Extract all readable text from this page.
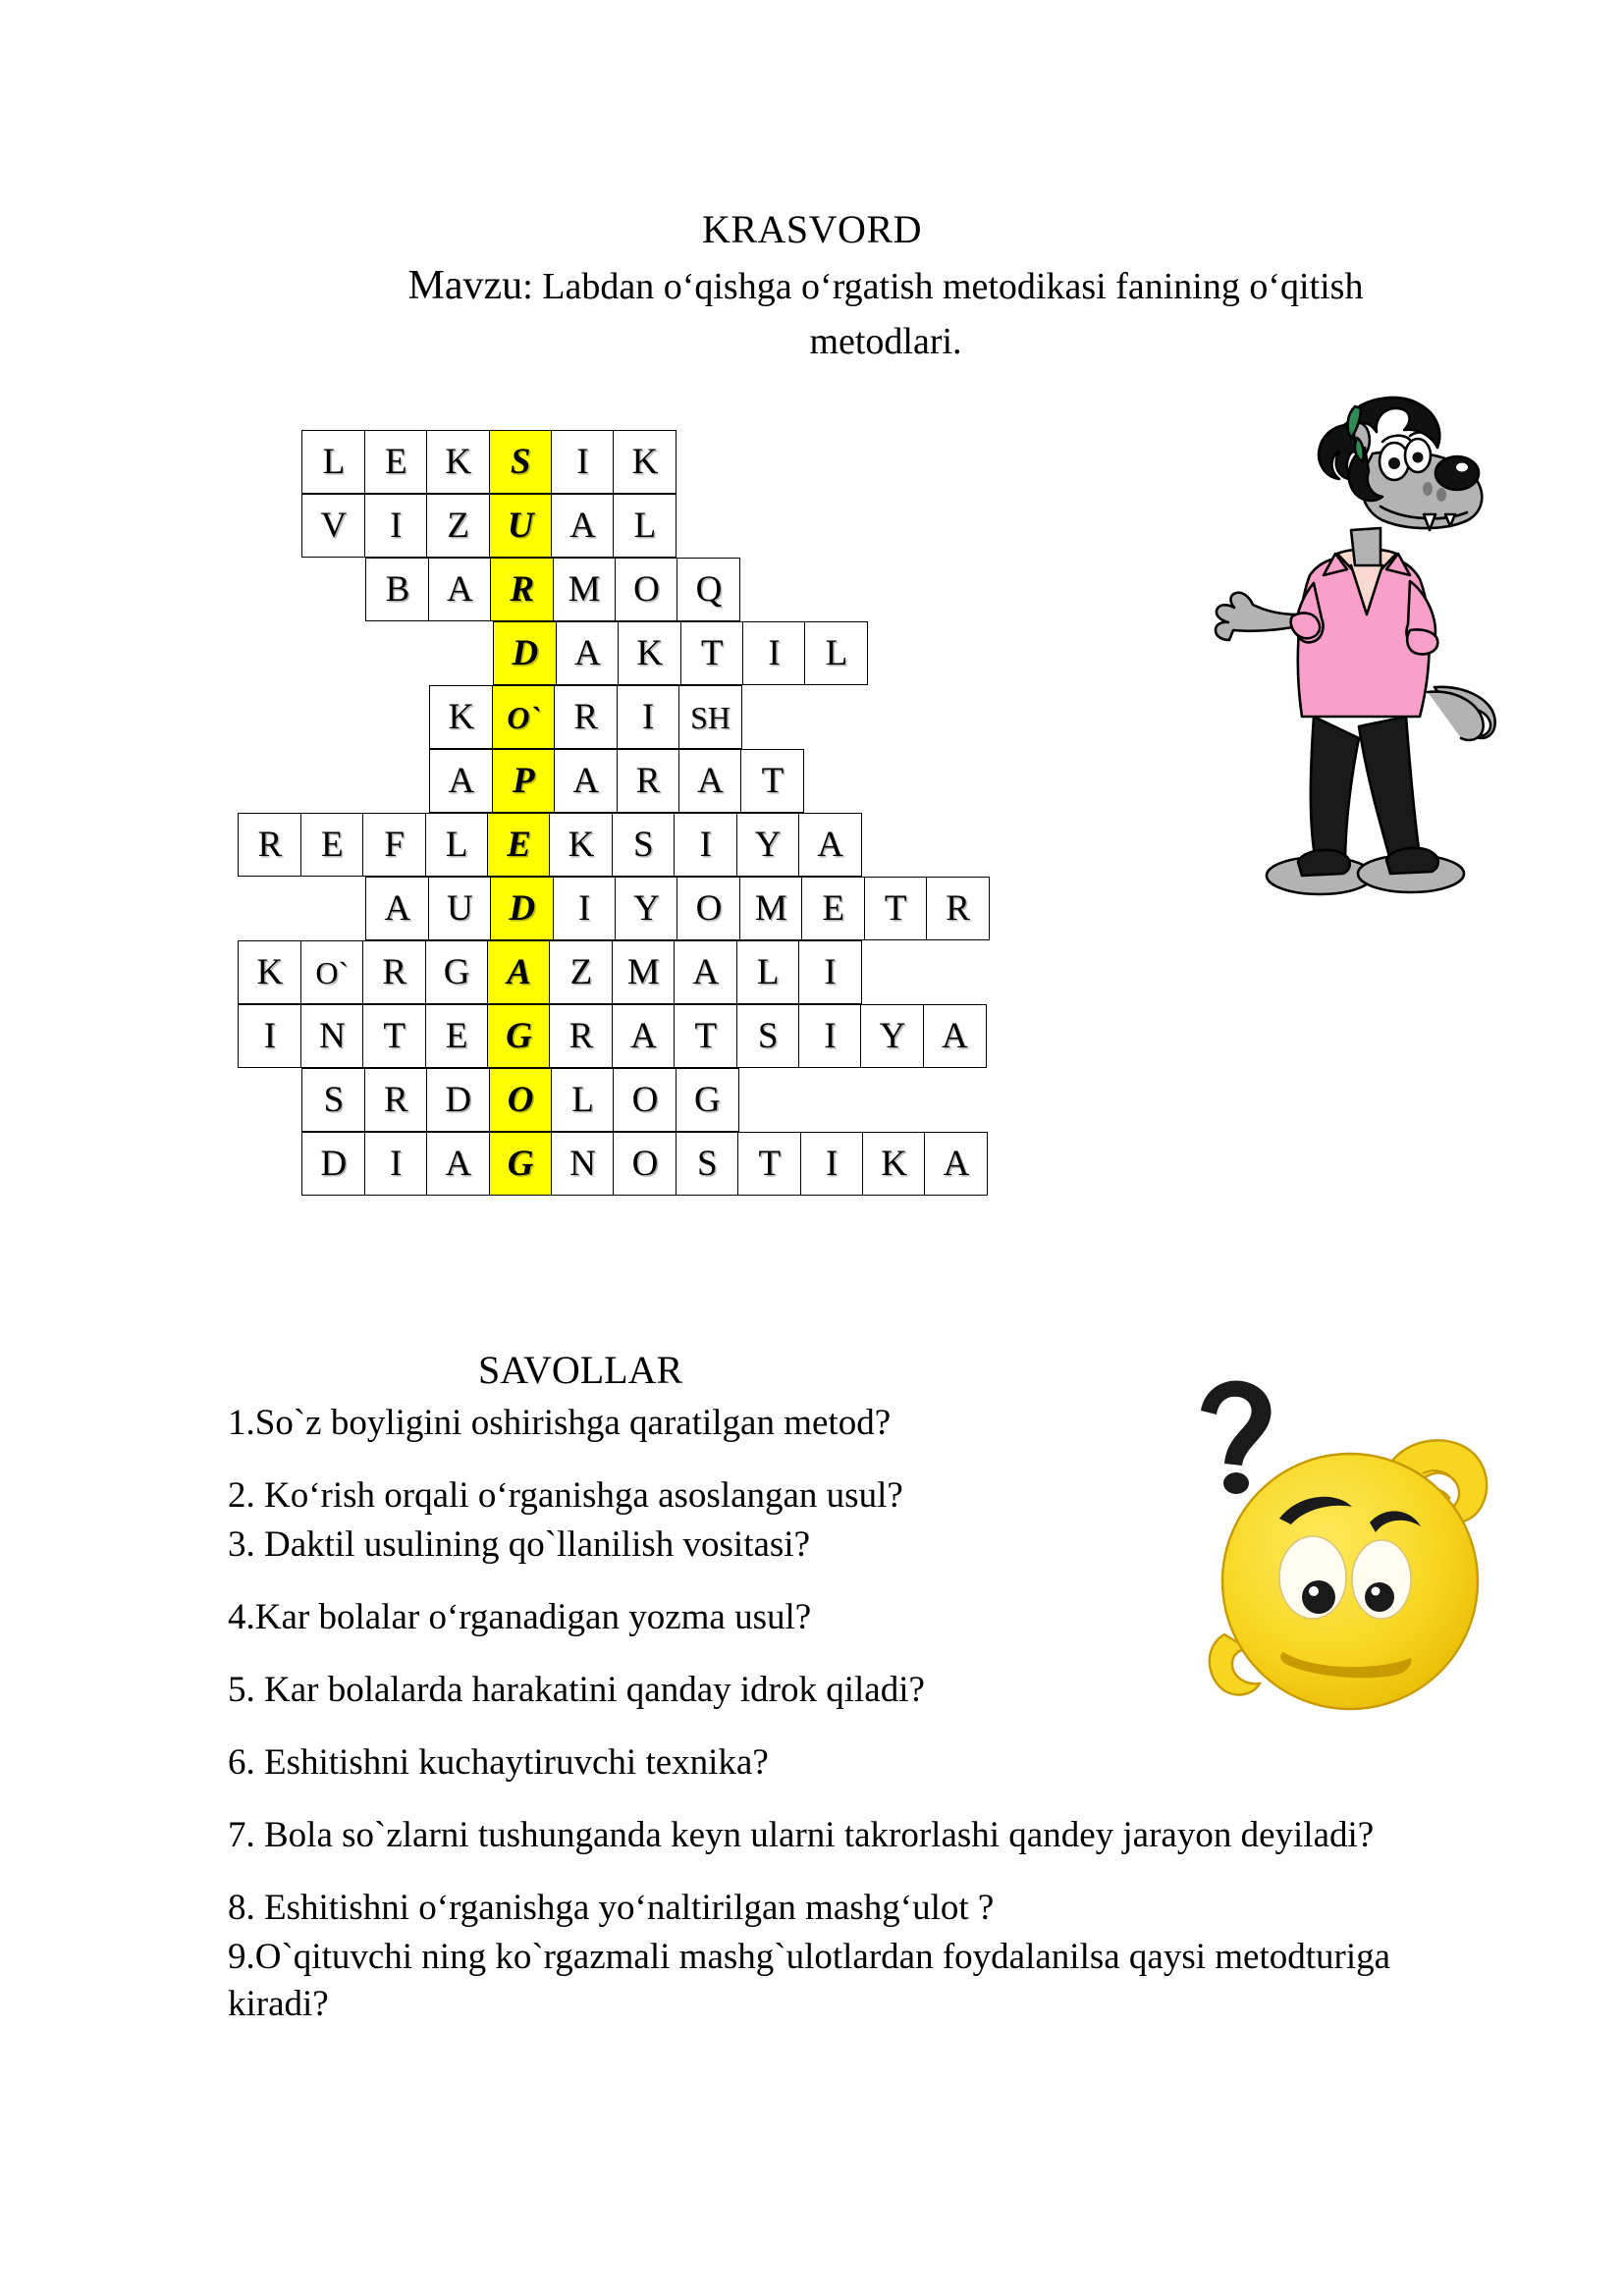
KRASVORD
Mavzu: Labdan o‘qishga o‘rgatish metodikasi fanining o‘qitish metodlari.
L	E	K	S	I	K
V	I	Z	U A	L
B	A	R M O Q
D A K	T	I	L
K	O` R	I	SH
A	P	A	R	A	T
R	E	F	L	E	K	S	I	Y A
A U D	I	Y O M E	T	R
K	O` R	G	A	Z M A	L	I
I	N	T	E	G	R	A	T	S	I	Y A
S	R	D O	L	O G
D	I	A G N O	S	T	I	K A
SAVOLLAR
1.So`z boyligini oshirishga qaratilgan metod?
2. Ko‘rish orqali o‘rganishga asoslangan usul?
3. Daktil usulining qo`llanilish vositasi?
4.Kar bolalar o‘rganadigan yozma usul?
5. Kar bolalarda harakatini qanday idrok qiladi?
6. Eshitishni kuchaytiruvchi texnika?
7. Bola so`zlarni tushunganda keyn ularni takrorlashi qandey jarayon deyiladi?
8. Eshitishni o‘rganishga yo‘naltirilgan mashg‘ulot ?
9.O`qituvchi ning ko`rgazmali mashg`ulotlardan foydalanilsa qaysi metodturiga kiradi?
